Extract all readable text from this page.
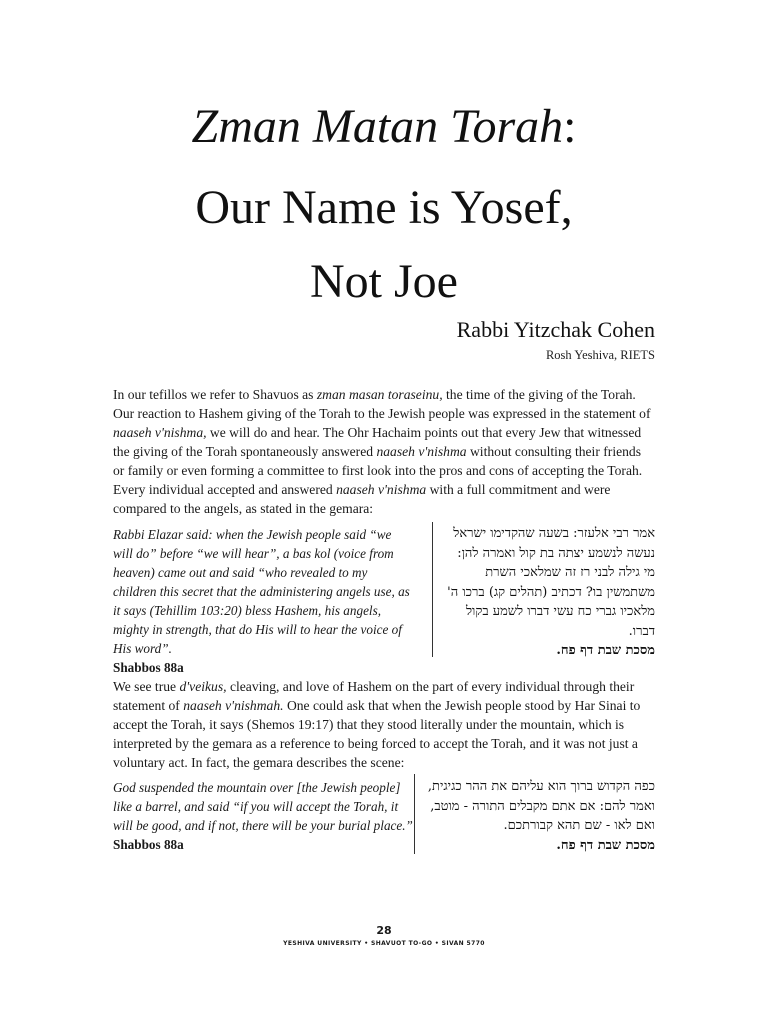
Zman Matan Torah:
Our Name is Yosef,
Not Joe
Rabbi Yitzchak Cohen
Rosh Yeshiva, RIETS
In our tefillos we refer to Shavuos as zman masan toraseinu, the time of the giving of the Torah. Our reaction to Hashem giving of the Torah to the Jewish people was expressed in the statement of naaseh v'nishma, we will do and hear. The Ohr Hachaim points out that every Jew that witnessed the giving of the Torah spontaneously answered naaseh v'nishma without consulting their friends or family or even forming a committee to first look into the pros and cons of accepting the Torah. Every individual accepted and answered naaseh v'nishma with a full commitment and were compared to the angels, as stated in the gemara:
Rabbi Elazar said: when the Jewish people said “we will do” before “we will hear”, a bas kol (voice from heaven) came out and said “who revealed to my children this secret that the administering angels use, as it says (Tehillim 103:20) bless Hashem, his angels, mighty in strength, that do His will to hear the voice of His word”.
Shabbos 88a
אמר רבי אלעזר: בשעה שהקדימו ישראל נעשה לנשמע יצתה בת קול ואמרה להן: מי גילה לבני רז זה שמלאכי השרת משתמשין בו? דכתיב (תהלים קג) ברכו ה' מלאכיו גברי כח עשי דברו לשמע בקול דברו.
מסכת שבת דף פח.
We see true d'veikus, cleaving, and love of Hashem on the part of every individual through their statement of naaseh v'nishmah. One could ask that when the Jewish people stood by Har Sinai to accept the Torah, it says (Shemos 19:17) that they stood literally under the mountain, which is interpreted by the gemara as a reference to being forced to accept the Torah, and it was not just a voluntary act. In fact, the gemara describes the scene:
God suspended the mountain over [the Jewish people] like a barrel, and said “if you will accept the Torah, it will be good, and if not, there will be your burial place.”
Shabbos 88a
כפה הקדוש ברוך הוא עליהם את ההר כגיגית, ואמר להם: אם אתם מקבלים התורה - מוטב, ואם לאו - שם תהא קבורתכם.
מסכת שבת דף פח.
28
YESHIVA UNIVERSITY • SHAVUOT TO-GO • SIVAN 5770
